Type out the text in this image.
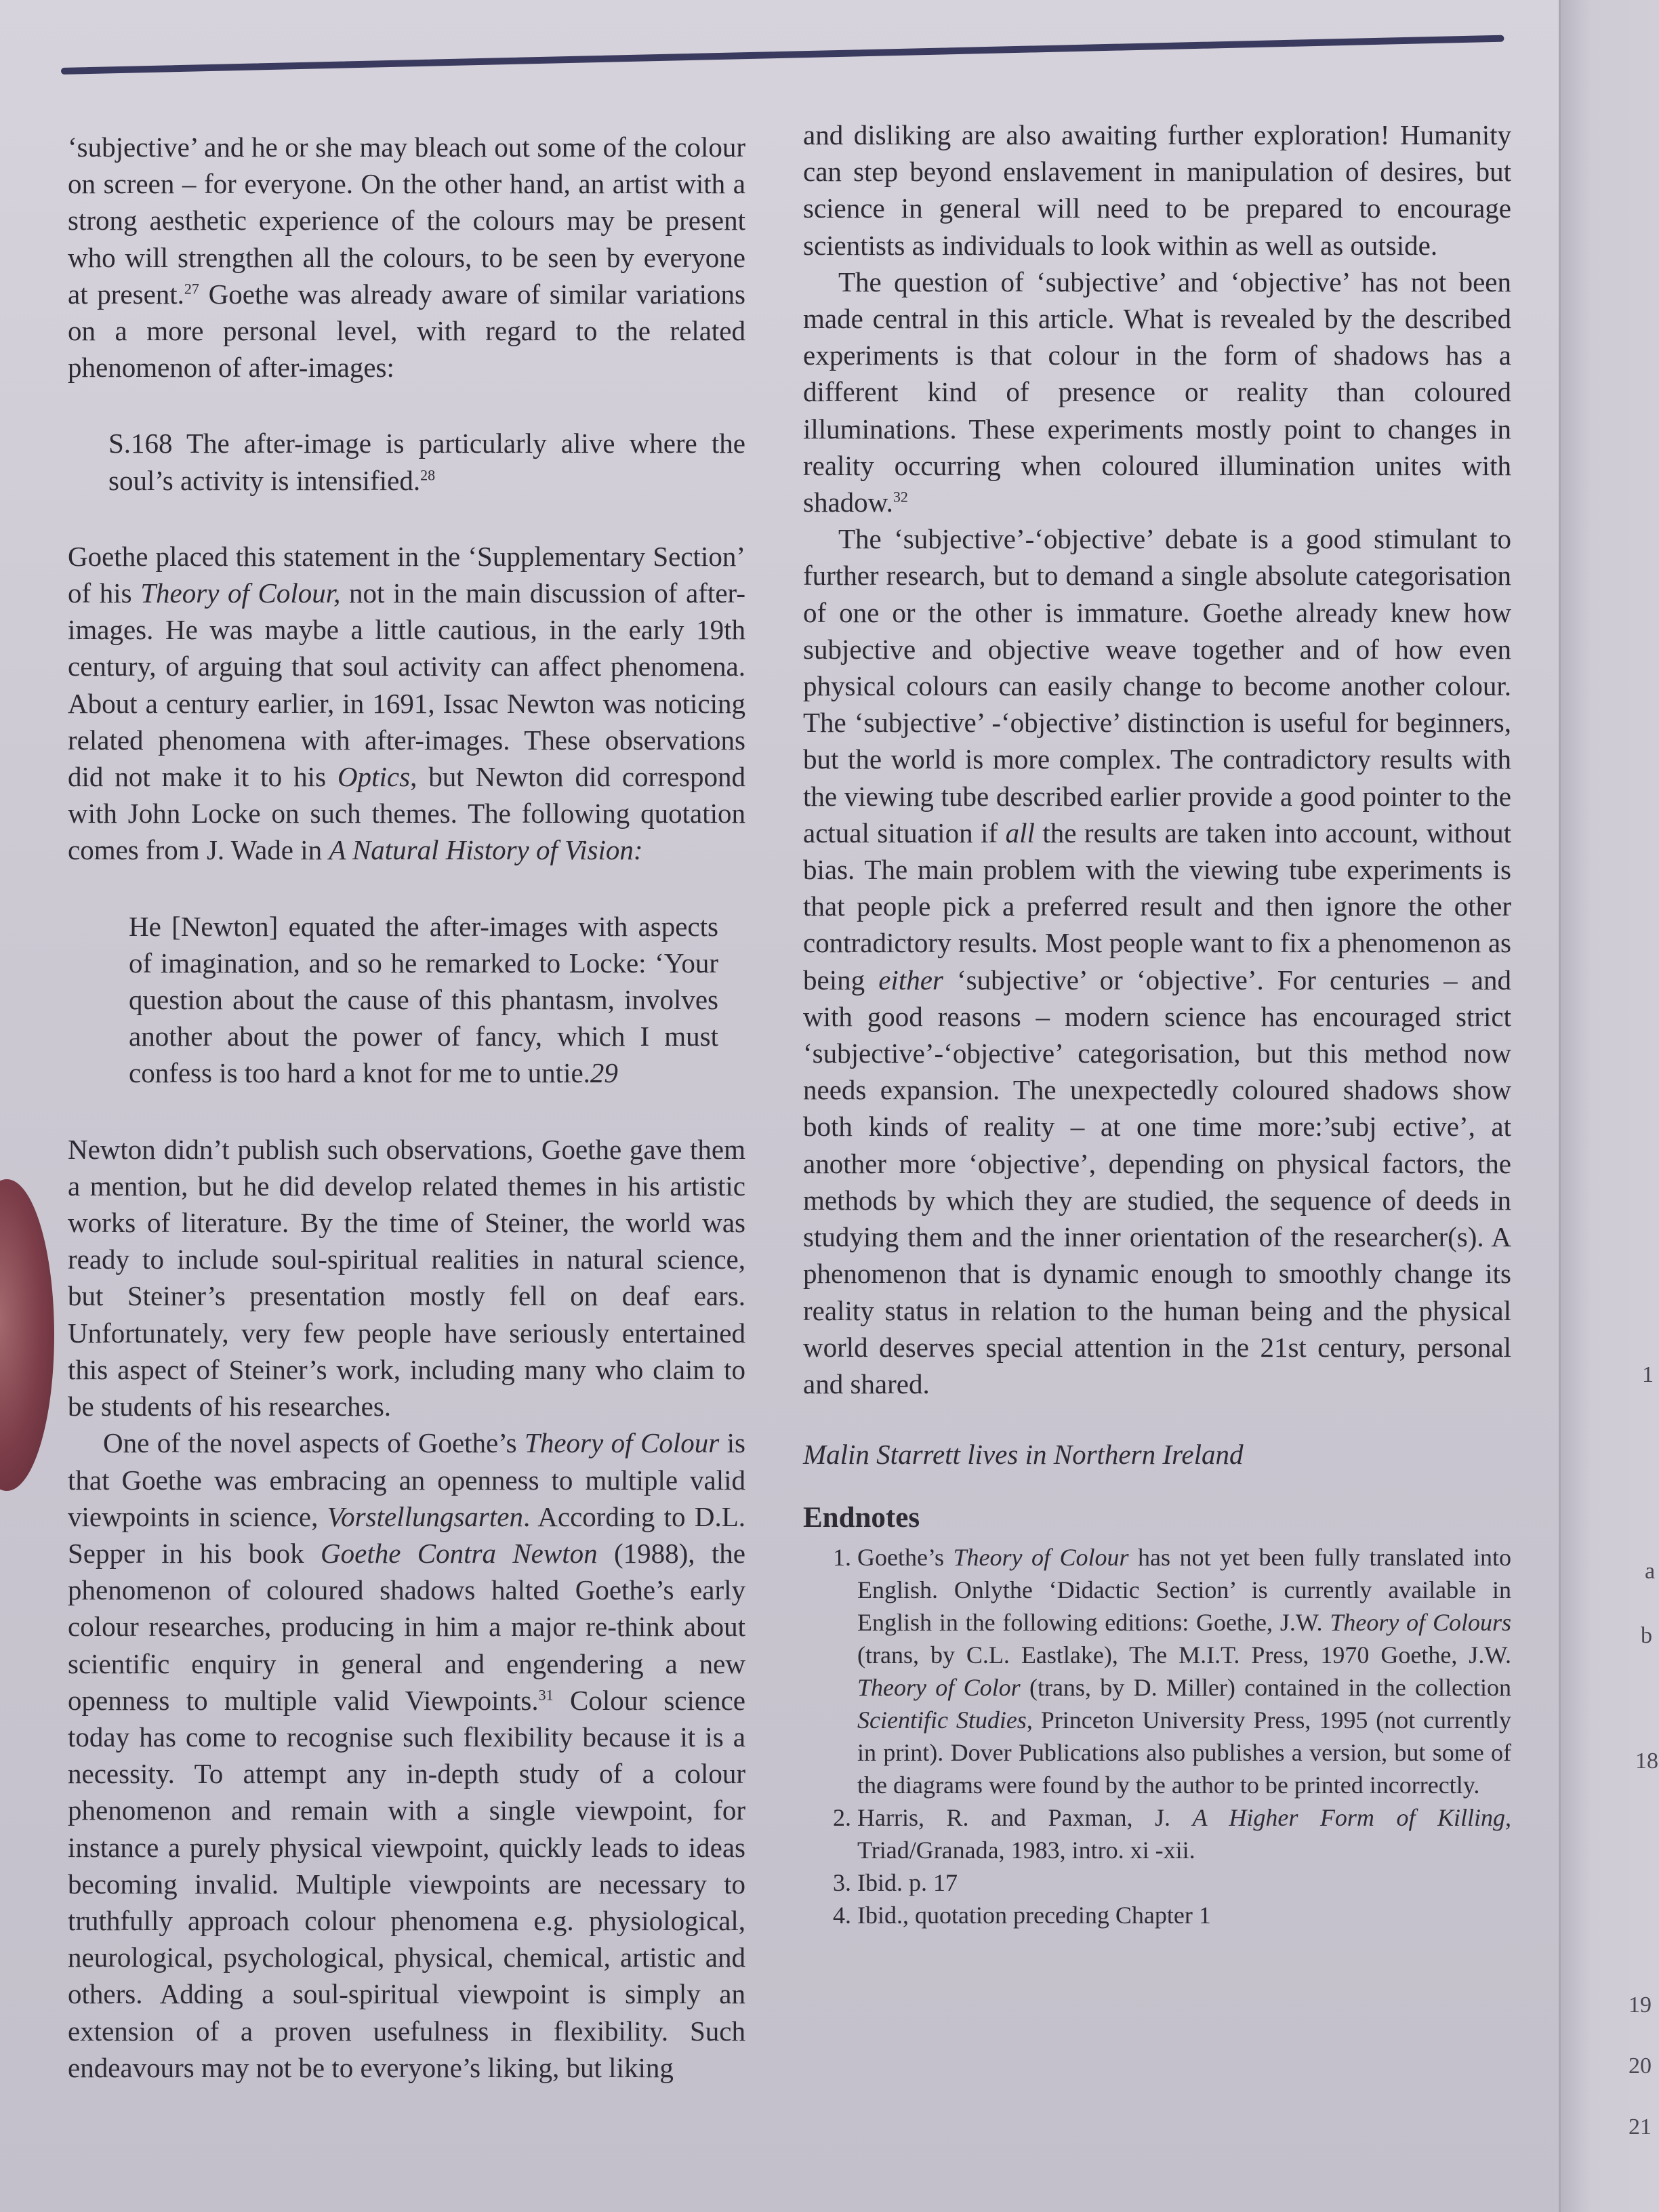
‘subjective’ and he or she may bleach out some of the colour on screen – for everyone. On the other hand, an artist with a strong aesthetic experience of the colours may be present who will strengthen all the colours, to be seen by everyone at present.$^{27}$ Goethe was already aware of similar variations on a more personal level, with regard to the related phenomenon of after-images:

S.168 The after-image is particularly alive where the soul’s activity is intensified.$^{28}$

Goethe placed this statement in the ‘Supplementary Section’ of his Theory of Colour, not in the main discussion of after-images. He was maybe a little cautious, in the early 19th century, of arguing that soul activity can affect phenomena. About a century earlier, in 1691, Issac Newton was noticing related phenomena with after-images. These observations did not make it to his Optics, but Newton did correspond with John Locke on such themes. The following quotation comes from J. Wade in A Natural History of Vision:

He [Newton] equated the after-images with aspects of imagination, and so he remarked to Locke: ‘Your question about the cause of this phantasm, involves another about the power of fancy, which I must confess is too hard a knot for me to untie.29

Newton didn’t publish such observations, Goethe gave them a mention, but he did develop related themes in his artistic works of literature. By the time of Steiner, the world was ready to include soul-spiritual realities in natural science, but Steiner’s presentation mostly fell on deaf ears. Unfortunately, very few people have seriously entertained this aspect of Steiner’s work, including many who claim to be students of his researches.

One of the novel aspects of Goethe’s Theory of Colour is that Goethe was embracing an openness to multiple valid viewpoints in science, Vorstellungsarten. According to D.L. Sepper in his book Goethe Contra Newton (1988), the phenomenon of coloured shadows halted Goethe’s early colour researches, producing in him a major re-think about scientific enquiry in general and engendering a new openness to multiple valid Viewpoints.$^{31}$ Colour science today has come to recognise such flexibility because it is a necessity. To attempt any in-depth study of a colour phenomenon and remain with a single viewpoint, for instance a purely physical viewpoint, quickly leads to ideas becoming invalid. Multiple viewpoints are necessary to truthfully approach colour phenomena e.g. physiological, neurological, psychological, physical, chemical, artistic and others. Adding a soul-spiritual viewpoint is simply an extension of a proven usefulness in flexibility. Such endeavours may not be to everyone’s liking, but liking

and disliking are also awaiting further exploration! Humanity can step beyond enslavement in manipulation of desires, but science in general will need to be prepared to encourage scientists as individuals to look within as well as outside.

The question of ‘subjective’ and ‘objective’ has not been made central in this article. What is revealed by the described experiments is that colour in the form of shadows has a different kind of presence or reality than coloured illuminations. These experiments mostly point to changes in reality occurring when coloured illumination unites with shadow.$^{32}$

The ‘subjective’-‘objective’ debate is a good stimulant to further research, but to demand a single absolute categorisation of one or the other is immature. Goethe already knew how subjective and objective weave together and of how even physical colours can easily change to become another colour. The ‘subjective’ -‘objective’ distinction is useful for beginners, but the world is more complex. The contradictory results with the viewing tube described earlier provide a good pointer to the actual situation if all the results are taken into account, without bias. The main problem with the viewing tube experiments is that people pick a preferred result and then ignore the other contradictory results. Most people want to fix a phenomenon as being either ‘subjective’ or ‘objective’. For centuries – and with good reasons – modern science has encouraged strict ‘subjective’-‘objective’ categorisation, but this method now needs expansion. The unexpectedly coloured shadows show both kinds of reality – at one time more:’subj ective’, at another more ‘objective’, depending on physical factors, the methods by which they are studied, the sequence of deeds in studying them and the inner orientation of the researcher(s). A phenomenon that is dynamic enough to smoothly change its reality status in relation to the human being and the physical world deserves special attention in the 21st century, personal and shared.

Malin Starrett lives in Northern Ireland

Endnotes
1. Goethe’s Theory of Colour has not yet been fully translated into English. Onlythe ‘Didactic Section’ is currently available in English in the following editions: Goethe, J.W. Theory of Colours (trans, by C.L. Eastlake), The M.I.T. Press, 1970 Goethe, J.W. Theory of Color (trans, by D. Miller) contained in the collection Scientific Studies, Princeton University Press, 1995 (not currently in print). Dover Publications also publishes a version, but some of the diagrams were found by the author to be printed incorrectly.
2. Harris, R. and Paxman, J. A Higher Form of Killing, Triad/Granada, 1983, intro. xi -xii.
3. Ibid. p. 17
4. Ibid., quotation preceding Chapter 1
1
a
b
18
19
20
21
